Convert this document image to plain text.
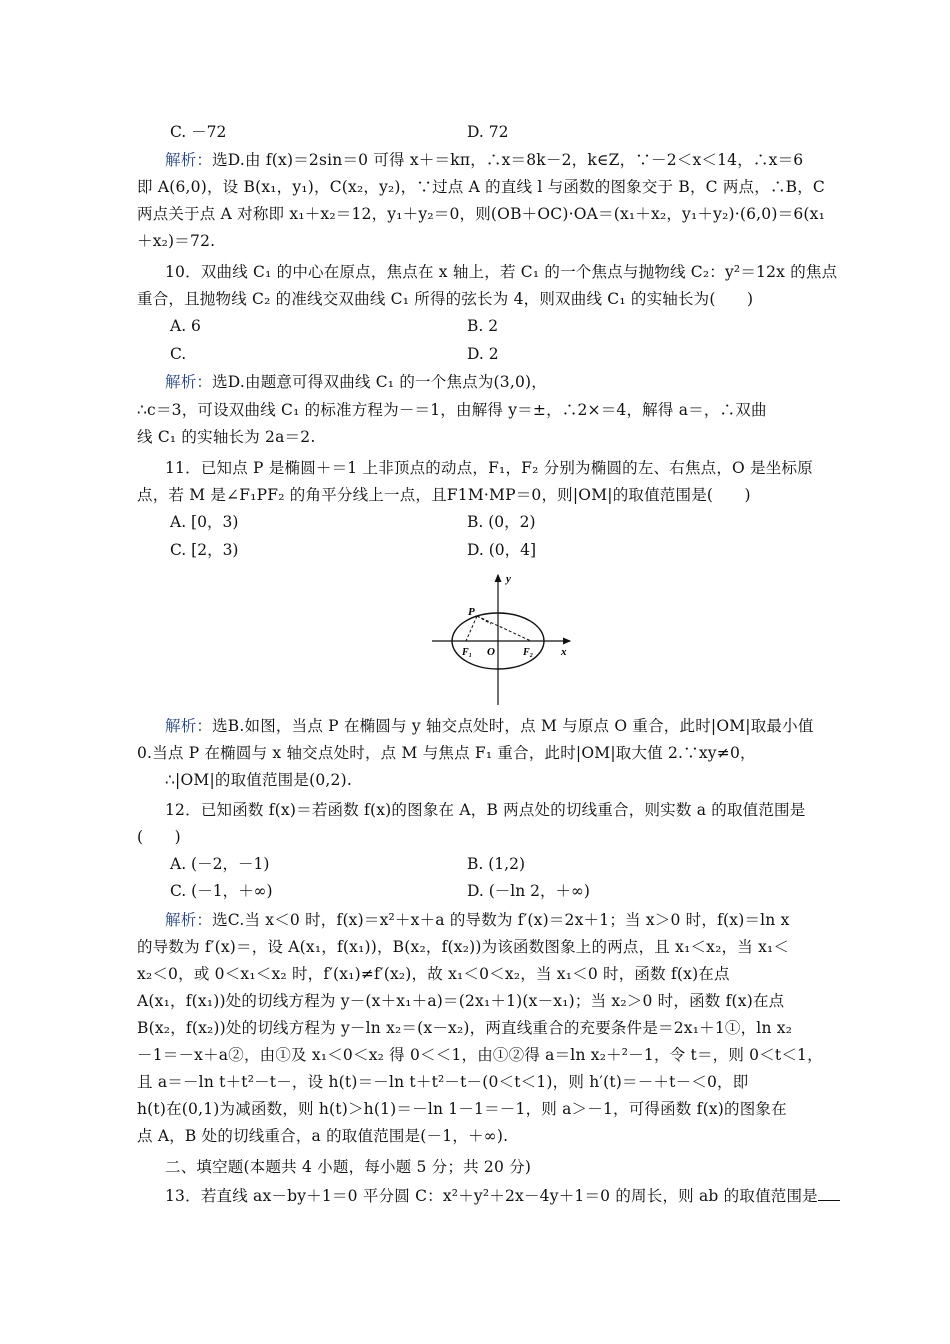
C. －72	D. 72
解析：选D.由 f(x)＝2sin＝0 可得 x＋＝kπ，∴x＝8k－2，k∈Z，∵－2＜x＜14，∴x＝6
即 A(6,0)，设 B(x₁，y₁)，C(x₂，y₂)，∵过点 A 的直线 l 与函数的图象交于 B，C 两点，∴B，C
两点关于点 A 对称即 x₁＋x₂＝12，y₁＋y₂＝0，则(OB＋OC)·OA＝(x₁＋x₂，y₁＋y₂)·(6,0)＝6(x₁
＋x₂)＝72.
10．双曲线 C₁ 的中心在原点，焦点在 x 轴上，若 C₁ 的一个焦点与抛物线 C₂：y²＝12x 的焦点
重合，且抛物线 C₂ 的准线交双曲线 C₁ 所得的弦长为 4，则双曲线 C₁ 的实轴长为(　　)
A. 6	B. 2
C.	D. 2
解析：选D.由题意可得双曲线 C₁ 的一个焦点为(3,0)，
∴c＝3，可设双曲线 C₁ 的标准方程为－＝1，由解得 y＝±，∴2×＝4，解得 a＝，∴双曲
线 C₁ 的实轴长为 2a＝2.
11．已知点 P 是椭圆＋＝1 上非顶点的动点，F₁，F₂ 分别为椭圆的左、右焦点，O 是坐标原
点，若 M 是∠F₁PF₂ 的角平分线上一点，且F1M·MP＝0，则|OM|的取值范围是(　　)
A. [0，3)	B. (0，2)
C. [2，3)	D. (0，4]
y
x
P
O
F₁	F₂
解析：选B.如图，当点 P 在椭圆与 y 轴交点处时，点 M 与原点 O 重合，此时|OM|取最小值
0.当点 P 在椭圆与 x 轴交点处时，点 M 与焦点 F₁ 重合，此时|OM|取大值 2.∵xy≠0，
∴|OM|的取值范围是(0,2).
12．已知函数 f(x)＝若函数 f(x)的图象在 A，B 两点处的切线重合，则实数 a 的取值范围是
(　　)
A. (－2，－1)	B. (1,2)
C. (－1，＋∞)	D. (－ln 2，＋∞)
解析：选C.当 x＜0 时，f(x)＝x²＋x＋a 的导数为 f′(x)＝2x＋1；当 x＞0 时，f(x)＝ln x
的导数为 f′(x)＝，设 A(x₁，f(x₁))，B(x₂，f(x₂))为该函数图象上的两点，且 x₁＜x₂，当 x₁＜
x₂＜0，或 0＜x₁＜x₂ 时，f′(x₁)≠f′(x₂)，故 x₁＜0＜x₂，当 x₁＜0 时，函数 f(x)在点
A(x₁，f(x₁))处的切线方程为 y－(x＋x₁＋a)＝(2x₁＋1)(x－x₁)；当 x₂＞0 时，函数 f(x)在点
B(x₂，f(x₂))处的切线方程为 y－ln x₂＝(x－x₂)，两直线重合的充要条件是＝2x₁＋1①，ln x₂
－1＝－x＋a②，由①及 x₁＜0＜x₂ 得 0＜＜1，由①②得 a＝ln x₂＋²－1，令 t＝，则 0＜t＜1，
且 a＝－ln t＋t²－t－，设 h(t)＝－ln t＋t²－t－(0＜t＜1)，则 h′(t)＝－＋t－＜0，即
h(t)在(0,1)为减函数，则 h(t)＞h(1)＝－ln 1－1＝－1，则 a＞－1，可得函数 f(x)的图象在
点 A，B 处的切线重合，a 的取值范围是(－1，＋∞).
二、填空题(本题共 4 小题，每小题 5 分；共 20 分)
13．若直线 ax－by＋1＝0 平分圆 C：x²＋y²＋2x－4y＋1＝0 的周长，则 ab 的取值范围是
